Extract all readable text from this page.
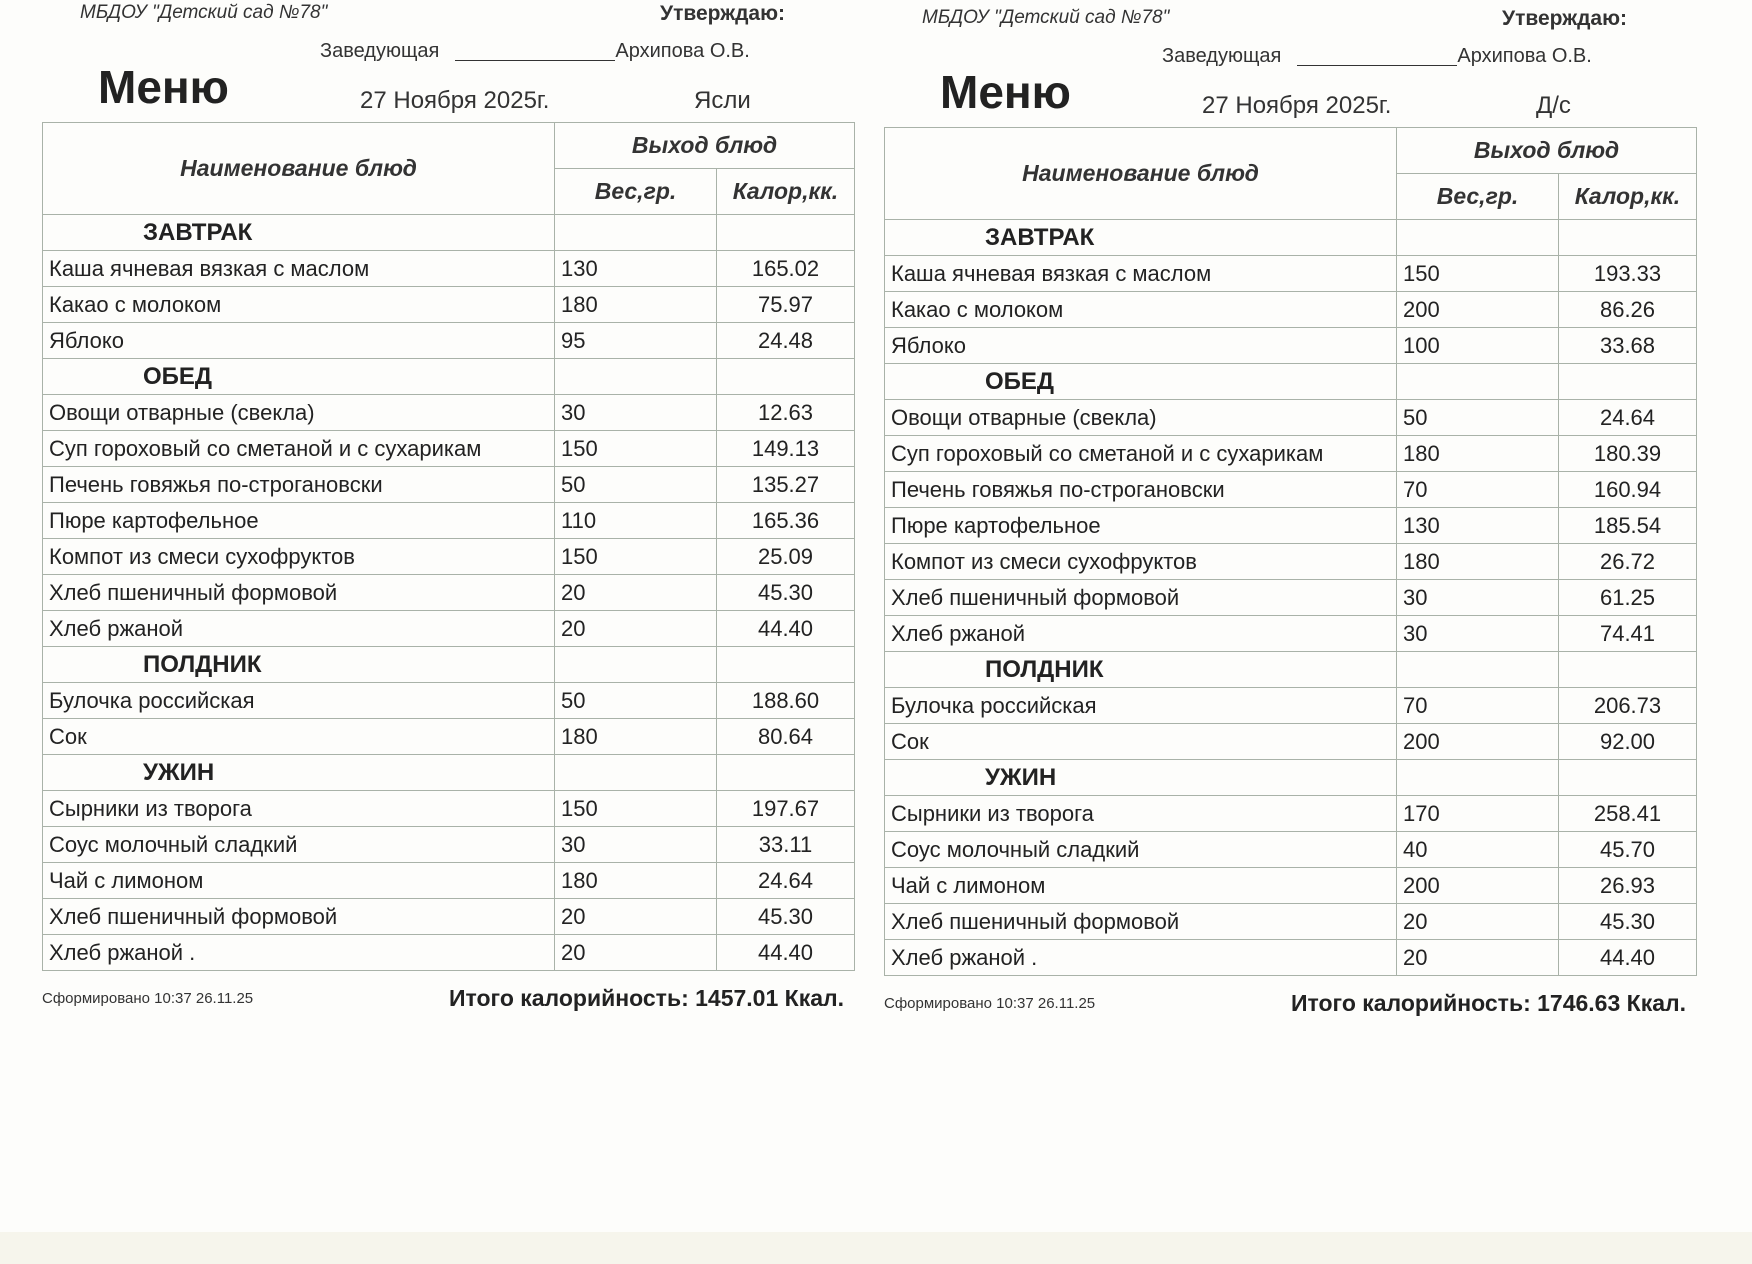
МБДОУ "Детский сад №78"	Утверждаю:
Заведующая	Архипова О.В.
Меню	27 Ноября 2025г.	Ясли
Наименование блюд	Выход блюд	
	Вес,гр.	Калор,кк.
ЗАВТРАК		
Каша ячневая вязкая с маслом	130	165.02
Какао с молоком	180	75.97
Яблоко	95	24.48
ОБЕД		
Овощи отварные (свекла)	30	12.63
Суп гороховый со сметаной и с сухарикам	150	149.13
Печень говяжья по-строгановски	50	135.27
Пюре картофельное	110	165.36
Компот из смеси сухофруктов	150	25.09
Хлеб пшеничный формовой	20	45.30
Хлеб ржаной	20	44.40
ПОЛДНИК		
Булочка российская	50	188.60
Сок	180	80.64
УЖИН		
Сырники из творога	150	197.67
Соус молочный сладкий	30	33.11
Чай с лимоном	180	24.64
Хлеб пшеничный формовой	20	45.30
Хлеб ржаной .	20	44.40
Сформировано 10:37 26.11.25	Итого калорийность: 1457.01 Ккал.
МБДОУ "Детский сад №78"	Утверждаю:
Заведующая	Архипова О.В.
Меню	27 Ноября 2025г.	Д/с
Наименование блюд	Выход блюд	
	Вес,гр.	Калор,кк.
ЗАВТРАК		
Каша ячневая вязкая с маслом	150	193.33
Какао с молоком	200	86.26
Яблоко	100	33.68
ОБЕД		
Овощи отварные (свекла)	50	24.64
Суп гороховый со сметаной и с сухарикам	180	180.39
Печень говяжья по-строгановски	70	160.94
Пюре картофельное	130	185.54
Компот из смеси сухофруктов	180	26.72
Хлеб пшеничный формовой	30	61.25
Хлеб ржаной	30	74.41
ПОЛДНИК		
Булочка российская	70	206.73
Сок	200	92.00
УЖИН		
Сырники из творога	170	258.41
Соус молочный сладкий	40	45.70
Чай с лимоном	200	26.93
Хлеб пшеничный формовой	20	45.30
Хлеб ржаной .	20	44.40
Сформировано 10:37 26.11.25	Итого калорийность: 1746.63 Ккал.
